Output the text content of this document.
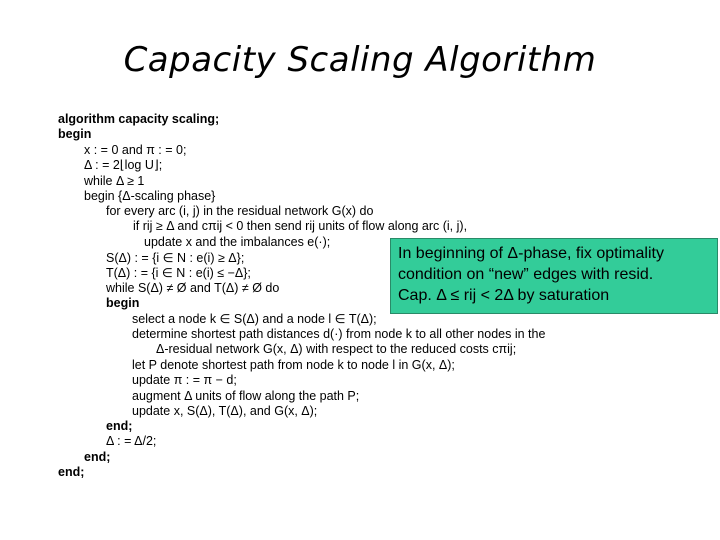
Capacity Scaling Algorithm
algorithm capacity scaling;
begin
x : = 0 and π : = 0;
Δ : = 2⌊log U⌋;
while Δ ≥ 1
begin {Δ-scaling phase}
for every arc (i, j) in the residual network G(x) do
if rij ≥ Δ and cπij < 0 then send rij units of flow along arc (i, j),
update x and the imbalances e(·);
S(Δ) : = {i ∈ N : e(i) ≥ Δ};
T(Δ) : = {i ∈ N : e(i) ≤ −Δ};
while S(Δ) ≠ Ø and T(Δ) ≠ Ø do
begin
select a node k ∈ S(Δ) and a node l ∈ T(Δ);
determine shortest path distances d(·) from node k to all other nodes in the
Δ-residual network G(x, Δ) with respect to the reduced costs cπij;
let P denote shortest path from node k to node l in G(x, Δ);
update π : = π − d;
augment Δ units of flow along the path P;
update x, S(Δ), T(Δ), and G(x, Δ);
end;
Δ : = Δ/2;
end;
end;
In beginning of Δ-phase, fix optimality
condition on “new” edges with resid.
Cap. Δ ≤ rij < 2Δ by saturation
